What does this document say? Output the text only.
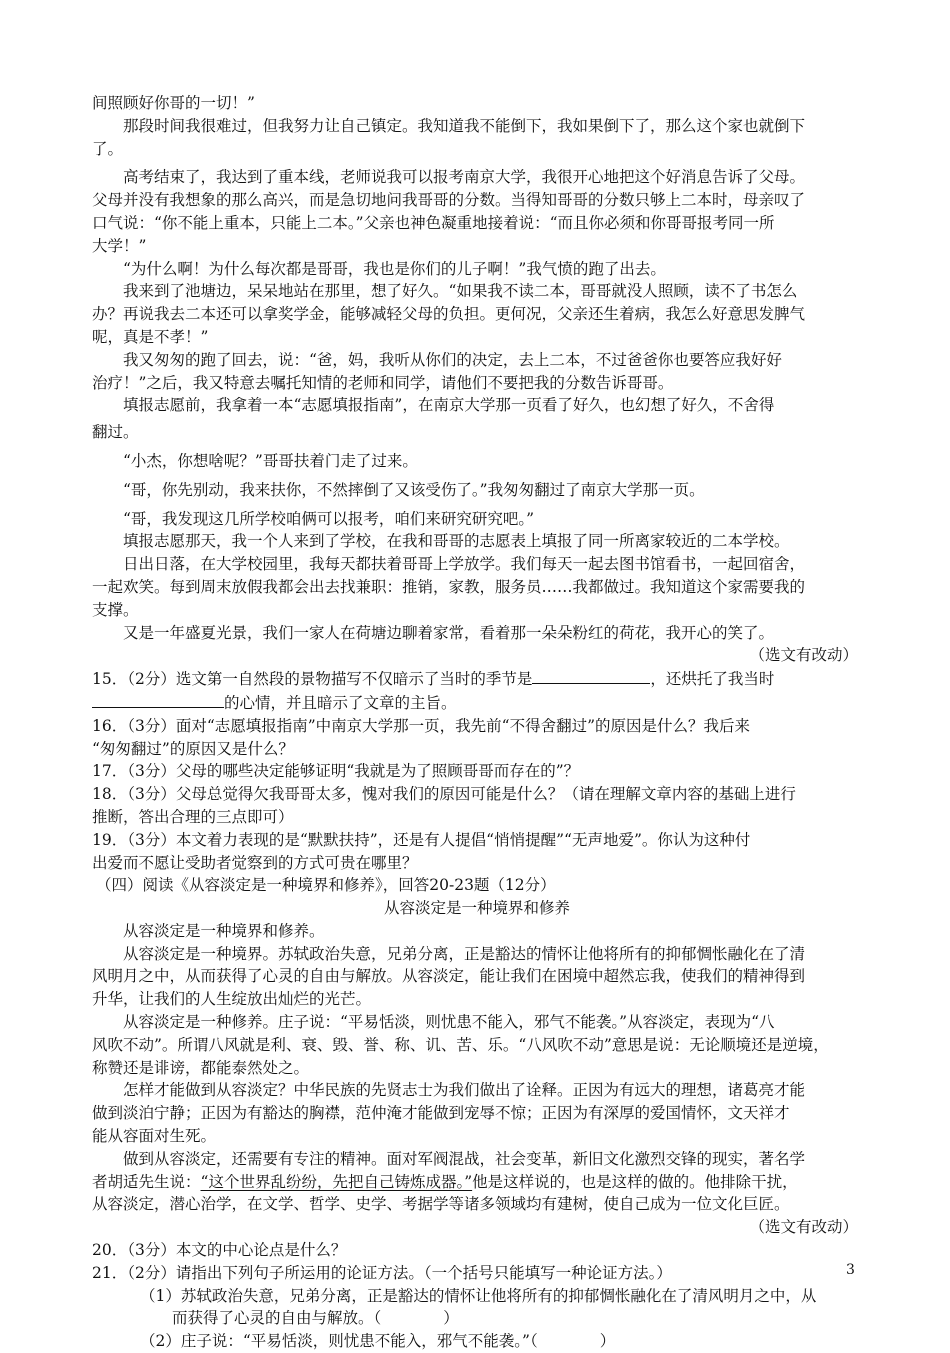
间照顾好你哥的一切！”
那段时间我很难过，但我努力让自己镇定。我知道我不能倒下，我如果倒下了，那么这个家也就倒下
了。
高考结束了，我达到了重本线，老师说我可以报考南京大学，我很开心地把这个好消息告诉了父母。
父母并没有我想象的那么高兴，而是急切地问我哥哥的分数。当得知哥哥的分数只够上二本时，母亲叹了
口气说：“你不能上重本，只能上二本。”父亲也神色凝重地接着说：“而且你必须和你哥哥报考同一所
大学！”
“为什么啊！为什么每次都是哥哥，我也是你们的儿子啊！”我气愤的跑了出去。
我来到了池塘边，呆呆地站在那里，想了好久。“如果我不读二本，哥哥就没人照顾，读不了书怎么
办？再说我去二本还可以拿奖学金，能够减轻父母的负担。更何况，父亲还生着病，我怎么好意思发脾气
呢，真是不孝！”
我又匆匆的跑了回去，说：“爸，妈，我听从你们的决定，去上二本，不过爸爸你也要答应我好好
治疗！”之后，我又特意去嘱托知情的老师和同学，请他们不要把我的分数告诉哥哥。
填报志愿前，我拿着一本“志愿填报指南”，在南京大学那一页看了好久，也幻想了好久，不舍得
翻过。
“小杰，你想啥呢？”哥哥扶着门走了过来。
“哥，你先别动，我来扶你，不然摔倒了又该受伤了。”我匆匆翻过了南京大学那一页。
“哥，我发现这几所学校咱俩可以报考，咱们来研究研究吧。”
填报志愿那天，我一个人来到了学校，在我和哥哥的志愿表上填报了同一所离家较近的二本学校。
日出日落，在大学校园里，我每天都扶着哥哥上学放学。我们每天一起去图书馆看书，一起回宿舍，
一起欢笑。每到周末放假我都会出去找兼职：推销，家教，服务员……我都做过。我知道这个家需要我的
支撑。
又是一年盛夏光景，我们一家人在荷塘边聊着家常，看着那一朵朵粉红的荷花，我开心的笑了。
（选文有改动）
15．（2分）选文第一自然段的景物描写不仅暗示了当时的季节是	，还烘托了我当时
的心情，并且暗示了文章的主旨。
16．（3分）面对“志愿填报指南”中南京大学那一页，我先前“不得舍翻过”的原因是什么？我后来
“匆匆翻过”的原因又是什么？
17．（3分）父母的哪些决定能够证明“我就是为了照顾哥哥而存在的”？
18．（3分）父母总觉得欠我哥哥太多，愧对我们的原因可能是什么？（请在理解文章内容的基础上进行
推断，答出合理的三点即可）
19．（3分）本文着力表现的是“默默扶持”，还是有人提倡“悄悄提醒”“无声地爱”。你认为这种付
出爱而不愿让受助者觉察到的方式可贵在哪里？
（四）阅读《从容淡定是一种境界和修养》，回答20-23题（12分）
从容淡定是一种境界和修养
从容淡定是一种境界和修养。
从容淡定是一种境界。苏轼政治失意，兄弟分离，正是豁达的情怀让他将所有的抑郁惆怅融化在了清
风明月之中，从而获得了心灵的自由与解放。从容淡定，能让我们在困境中超然忘我，使我们的精神得到
升华，让我们的人生绽放出灿烂的光芒。
从容淡定是一种修养。庄子说：“平易恬淡，则忧患不能入，邪气不能袭。”从容淡定，表现为“八
风吹不动”。所谓八风就是利、衰、毁、誉、称、讥、苦、乐。“八风吹不动”意思是说：无论顺境还是逆境，
称赞还是诽谤，都能泰然处之。
怎样才能做到从容淡定？中华民族的先贤志士为我们做出了诠释。正因为有远大的理想，诸葛亮才能
做到淡泊宁静；正因为有豁达的胸襟，范仲淹才能做到宠辱不惊；正因为有深厚的爱国情怀，文天祥才
能从容面对生死。
做到从容淡定，还需要有专注的精神。面对军阀混战，社会变革，新旧文化激烈交锋的现实，著名学
者胡适先生说：“这个世界乱纷纷，先把自己铸炼成器。”他是这样说的，也是这样的做的。他排除干扰，
从容淡定，潜心治学，在文学、哲学、史学、考据学等诸多领域均有建树，使自己成为一位文化巨匠。
（选文有改动）
20．（3分）本文的中心论点是什么？
21．（2分）请指出下列句子所运用的论证方法。（一个括号只能填写一种论证方法。）
（1）苏轼政治失意，兄弟分离，正是豁达的情怀让他将所有的抑郁惆怅融化在了清风明月之中，从
而获得了心灵的自由与解放。（　　　　）
（2）庄子说：“平易恬淡，则忧患不能入，邪气不能袭。”（　　　　）
3
